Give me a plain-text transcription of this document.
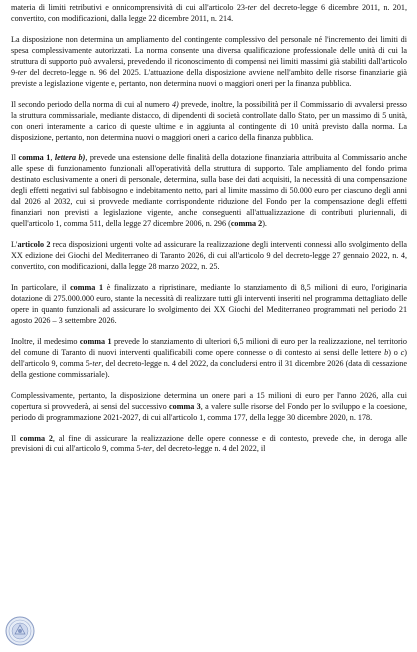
materia di limiti retributivi e onnicomprensività di cui all'articolo 23-ter del decreto-legge 6 dicembre 2011, n. 201, convertito, con modificazioni, dalla legge 22 dicembre 2011, n. 214.

La disposizione non determina un ampliamento del contingente complessivo del personale né l'incremento dei limiti di spesa complessivamente autorizzati. La norma consente una diversa qualificazione professionale delle unità di cui la struttura di supporto può avvalersi, prevedendo il riconoscimento di compensi nei limiti massimi già stabiliti dall'articolo 9-ter del decreto-legge n. 96 del 2025. L'attuazione della disposizione avviene nell'ambito delle risorse finanziarie già previste a legislazione vigente e, pertanto, non determina nuovi o maggiori oneri per la finanza pubblica.

Il secondo periodo della norma di cui al numero 4) prevede, inoltre, la possibilità per il Commissario di avvalersi presso la struttura commissariale, mediante distacco, di dipendenti di società controllate dallo Stato, per un massimo di 5 unità, con oneri interamente a carico di queste ultime e in aggiunta al contingente di 10 unità previsto dalla norma. La disposizione, pertanto, non determina nuovi o maggiori oneri a carico della finanza pubblica.

Il comma 1, lettera b), prevede una estensione delle finalità della dotazione finanziaria attribuita al Commissario anche alle spese di funzionamento funzionali all'operatività della struttura di supporto. Tale ampliamento del fondo prima destinato esclusivamente a oneri di personale, determina, sulla base dei dati acquisiti, la necessità di una compensazione degli effetti negativi sul fabbisogno e indebitamento netto, pari al limite massimo di 50.000 euro per ciascuno degli anni dal 2026 al 2032, cui si provvede mediante corrispondente riduzione del Fondo per la compensazione degli effetti finanziari non previsti a legislazione vigente, anche conseguenti all'attualizzazione di contributi pluriennali, di quell'articolo 1, comma 511, della legge 27 dicembre 2006, n. 296 (comma 2).

L'articolo 2 reca disposizioni urgenti volte ad assicurare la realizzazione degli interventi connessi allo svolgimento della XX edizione dei Giochi del Mediterraneo di Taranto 2026, di cui all'articolo 9 del decreto-legge 27 gennaio 2022, n. 4, convertito, con modificazioni, dalla legge 28 marzo 2022, n. 25.

In particolare, il comma 1 è finalizzato a ripristinare, mediante lo stanziamento di 8,5 milioni di euro, l'originaria dotazione di 275.000.000 euro, stante la necessità di realizzare tutti gli interventi inseriti nel programma dettagliato delle opere in quanto funzionali ad assicurare lo svolgimento dei XX Giochi del Mediterraneo programmati nel periodo 21 agosto 2026 – 3 settembre 2026.

Inoltre, il medesimo comma 1 prevede lo stanziamento di ulteriori 6,5 milioni di euro per la realizzazione, nel territorio del comune di Taranto di nuovi interventi qualificabili come opere connesse o di contesto ai sensi delle lettere b) o c) dell'articolo 9, comma 5-ter, del decreto-legge n. 4 del 2022, da concludersi entro il 31 dicembre 2026 (data di cessazione della gestione commissariale).

Complessivamente, pertanto, la disposizione determina un onere pari a 15 milioni di euro per l'anno 2026, alla cui copertura si provvederà, ai sensi del successivo comma 3, a valere sulle risorse del Fondo per lo sviluppo e la coesione, periodo di programmazione 2021-2027, di cui all'articolo 1, comma 177, della legge 30 dicembre 2020, n. 178.

Il comma 2, al fine di assicurare la realizzazione delle opere connesse e di contesto, prevede che, in deroga alle previsioni di cui all'articolo 9, comma 5-ter, del decreto-legge n. 4 del 2022, il
